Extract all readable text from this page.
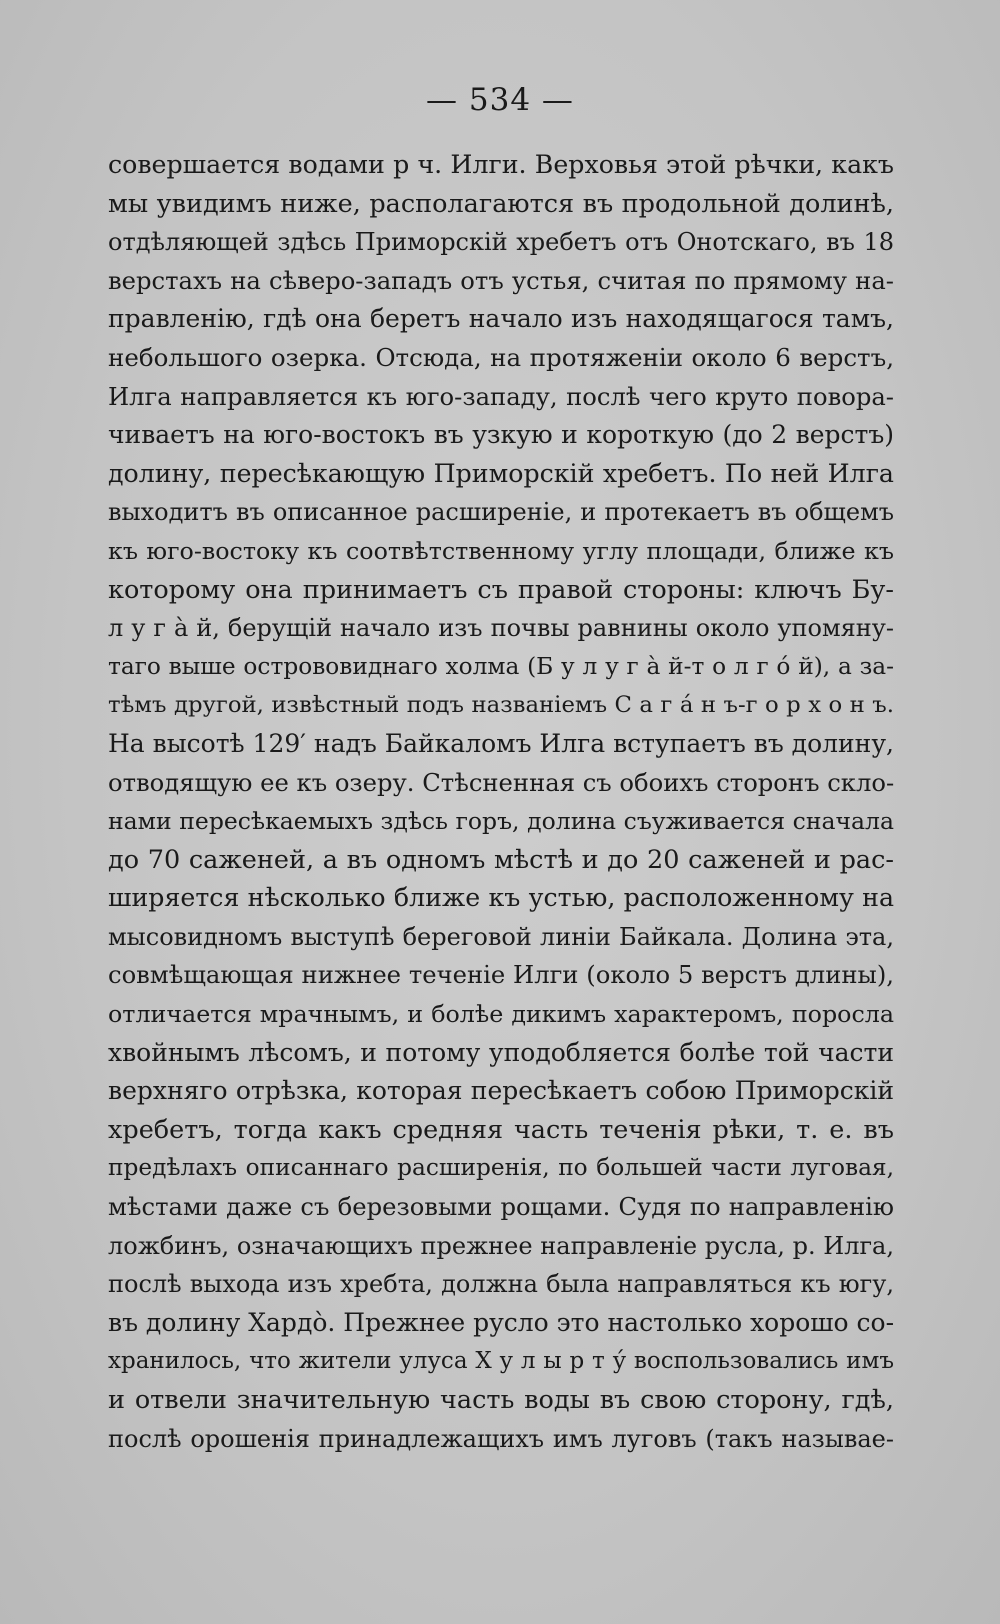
— 534 —
совершается водами р ч. Илги. Верховья этой рѣчки, какъ
мы увидимъ ниже, располагаются въ продольной долинѣ,
отдѣляющей здѣсь Приморскій хребетъ отъ Онотскаго, въ 18
верстахъ на сѣверо-западъ отъ устья, считая по прямому на-
правленію, гдѣ она беретъ начало изъ находящагося тамъ,
небольшого озерка. Отсюда, на протяженіи около 6 верстъ,
Илга направляется къ юго-западу, послѣ чего круто повора-
чиваетъ на юго-востокъ въ узкую и короткую (до 2 верстъ)
долину, пересѣкающую Приморскій хребетъ. По ней Илга
выходитъ въ описанное расширеніе, и протекаетъ въ общемъ
къ юго-востоку къ соотвѣтственному углу площади, ближе къ
которому она принимаетъ съ правой стороны: ключъ Бу-
л у г а̀ й, берущій начало изъ почвы равнины около упомяну-
таго выше острововиднаго холма (Б у л у г а̀ й-т о л г о́ й), а за-
тѣмъ другой, извѣстный подъ названіемъ С а г а́ н ъ-г о р х о н ъ.
На высотѣ 129′ надъ Байкаломъ Илга вступаетъ въ долину,
отводящую ее къ озеру. Стѣсненная съ обоихъ сторонъ скло-
нами пересѣкаемыхъ здѣсь горъ, долина съуживается сначала
до 70 саженей, а въ одномъ мѣстѣ и до 20 саженей и рас-
ширяется нѣсколько ближе къ устью, расположенному на
мысовидномъ выступѣ береговой линіи Байкала. Долина эта,
совмѣщающая нижнее теченіе Илги (около 5 верстъ длины),
отличается мрачнымъ, и болѣе дикимъ характеромъ, поросла
хвойнымъ лѣсомъ, и потому уподобляется болѣе той части
верхняго отрѣзка, которая пересѣкаетъ собою Приморскій
хребетъ, тогда какъ средняя часть теченія рѣки, т. е. въ
предѣлахъ описаннаго расширенія, по большей части луговая,
мѣстами даже съ березовыми рощами. Судя по направленію
ложбинъ, означающихъ прежнее направленіе русла, р. Илга,
послѣ выхода изъ хребта, должна была направляться къ югу,
въ долину Хардо̀. Прежнее русло это настолько хорошо со-
хранилось, что жители улуса Х у л ы р т у́ воспользовались имъ
и отвели значительную часть воды въ свою сторону, гдѣ,
послѣ орошенія принадлежащихъ имъ луговъ (такъ называе-
